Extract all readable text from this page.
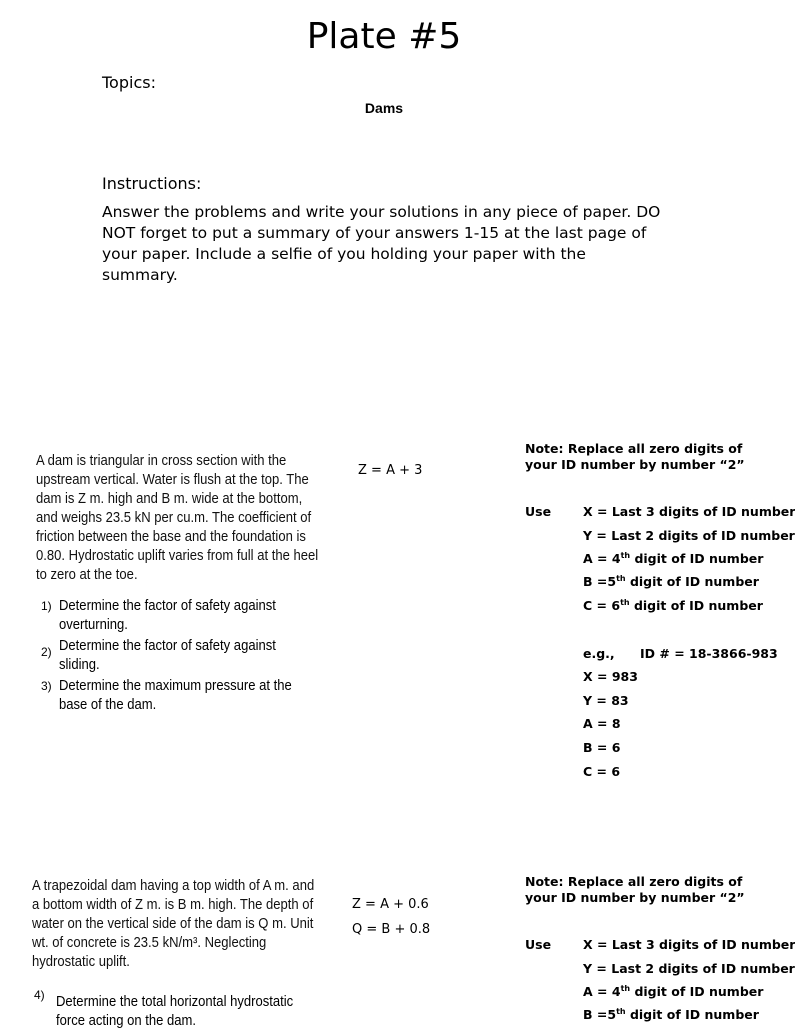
Plate #5
Topics:
Dams
Instructions:
Answer the problems and write your solutions in any piece of paper. DO NOT forget to put a summary of your answers 1-15 at the last page of your paper. Include a selfie of you holding your paper with the summary.
A dam is triangular in cross section with the upstream vertical. Water is flush at the top. The dam is Z m. high and B m. wide at the bottom, and weighs 23.5 kN per cu.m. The coefficient of friction between the base and the foundation is 0.80. Hydrostatic uplift varies from full at the heel to zero at the toe.
1) Determine the factor of safety against overturning.
2) Determine the factor of safety against sliding.
3) Determine the maximum pressure at the base of the dam.
Z = A + 3
Note: Replace all zero digits of your ID number by number “2”
Use	X = Last 3 digits of ID number
Y = Last 2 digits of ID number
A = 4th digit of ID number
B =5th digit of ID number
C = 6th digit of ID number
e.g., ID # = 18-3866-983
X = 983
Y = 83
A = 8
B = 6
C = 6
A trapezoidal dam having a top width of A m. and a bottom width of Z m. is B m. high. The depth of water on the vertical side of the dam is Q m. Unit wt. of concrete is 23.5 kN/m³. Neglecting hydrostatic uplift.
4) Determine the total horizontal hydrostatic force acting on the dam.
Z = A + 0.6
Q = B + 0.8
Note: Replace all zero digits of your ID number by number “2”
Use	X = Last 3 digits of ID number
Y = Last 2 digits of ID number
A = 4th digit of ID number
B =5th digit of ID number
